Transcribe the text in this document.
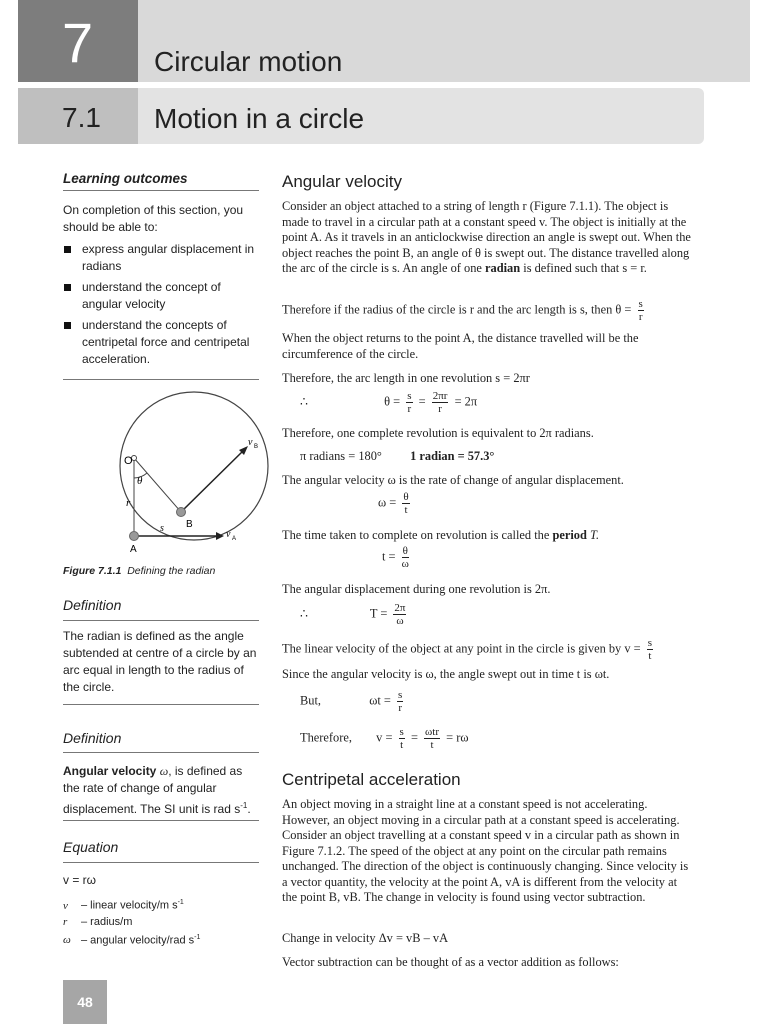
7 Circular motion
7.1 Motion in a circle
Learning outcomes
On completion of this section, you should be able to:
express angular displacement in radians
understand the concept of angular velocity
understand the concepts of centripetal force and centripetal acceleration.
O
θ
r
s B
A
v B
v A
Figure 7.1.1 Defining the radian
Definition
The radian is defined as the angle subtended at centre of a circle by an arc equal in length to the radius of the circle.
Definition
Angular velocity ω, is defined as the rate of change of angular displacement. The SI unit is rad $s^{-1}$.
Equation
v = rω
v – linear velocity/m $s^{-1}$
r – radius/m
ω – angular velocity/rad $s^{-1}$
Angular velocity
Consider an object attached to a string of length r (Figure 7.1.1). The object is made to travel in a circular path at a constant speed v. The object is initially at the point A. As it travels in an anticlockwise direction an angle is swept out. When the object reaches the point B, an angle of θ is swept out. The distance travelled along the arc of the circle is s. An angle of one radian is defined such that s = r.
Therefore if the radius of the circle is r and the arc length is s, then $\theta = \frac{s}{r}$
When the object returns to the point A, the distance travelled will be the circumference of the circle.
Therefore, the arc length in one revolution s = 2πr
∴	$\theta = \frac{s}{r} = \frac{2\pi r}{r} = 2\pi$
Therefore, one complete revolution is equivalent to 2π radians.
π radians = 180° 1 radian = 57.3°
The angular velocity ω is the rate of change of angular displacement.
$\omega = \frac{\theta}{t}$
The time taken to complete on revolution is called the period T.
$t = \frac{\theta}{\omega}$
The angular displacement during one revolution is 2π.
∴	$T = \frac{2\pi}{\omega}$
The linear velocity of the object at any point in the circle is given by $v = \frac{s}{t}$
Since the angular velocity is ω, the angle swept out in time t is ωt.
But,	$\omega t = \frac{s}{r}$
Therefore, $v = \frac{s}{t} = \frac{\text{ωtr}}{t} = r\omega$
Centripetal acceleration
An object moving in a straight line at a constant speed is not accelerating. However, an object moving in a circular path at a constant speed is accelerating. Consider an object travelling at a constant speed v in a circular path as shown in Figure 7.1.2. The speed of the object at any point on the circular path remains unchanged. The direction of the object is continuously changing. Since velocity is a vector quantity, the velocity at the point A, vA is different from the velocity at the point B, vB. The change in velocity is found using vector subtraction.
Change in velocity Δv = vB – vA
Vector subtraction can be thought of as a vector addition as follows:
48
